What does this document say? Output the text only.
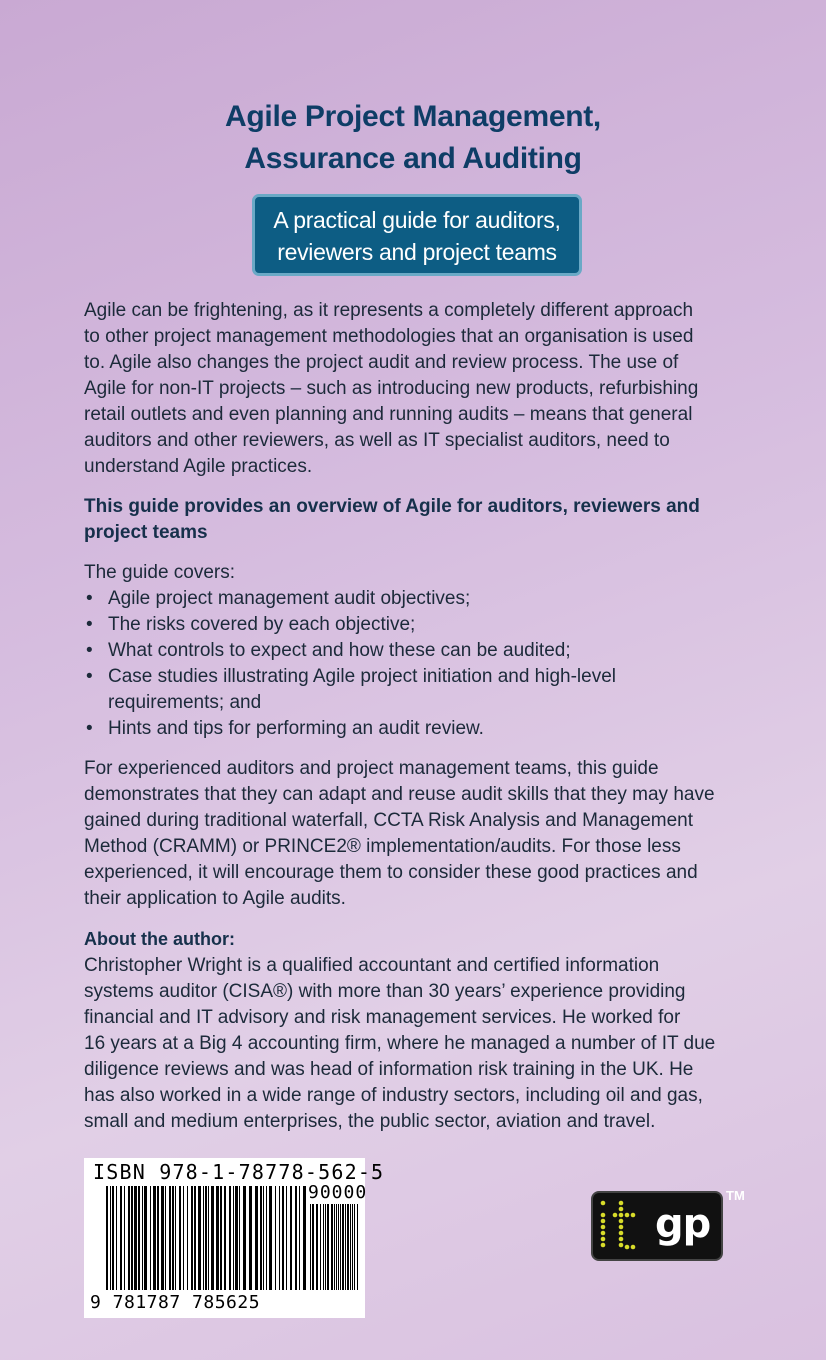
Agile Project Management,
Assurance and Auditing
A practical guide for auditors,
reviewers and project teams

Agile can be frightening, as it represents a completely different approach
to other project management methodologies that an organisation is used
to. Agile also changes the project audit and review process. The use of
Agile for non-IT projects – such as introducing new products, refurbishing
retail outlets and even planning and running audits – means that general
auditors and other reviewers, as well as IT specialist auditors, need to
understand Agile practices.

This guide provides an overview of Agile for auditors, reviewers and
project teams

The guide covers:

• Agile project management audit objectives;
• The risks covered by each objective;
• What controls to expect and how these can be audited;
• Case studies illustrating Agile project initiation and high-level
requirements; and
• Hints and tips for performing an audit review.

For experienced auditors and project management teams, this guide
demonstrates that they can adapt and reuse audit skills that they may have
gained during traditional waterfall, CCTA Risk Analysis and Management
Method (CRAMM) or PRINCE2® implementation/audits. For those less
experienced, it will encourage them to consider these good practices and
their application to Agile audits.

About the author:
Christopher Wright is a qualified accountant and certified information
systems auditor (CISA®) with more than 30 years’ experience providing
financial and IT advisory and risk management services. He worked for
16 years at a Big 4 accounting firm, where he managed a number of IT due
diligence reviews and was head of information risk training in the UK. He
has also worked in a wide range of industry sectors, including oil and gas,
small and medium enterprises, the public sector, aviation and travel.

ISBN 978-1-78778-562-5
90000
9 781787 785625
gp
TM
